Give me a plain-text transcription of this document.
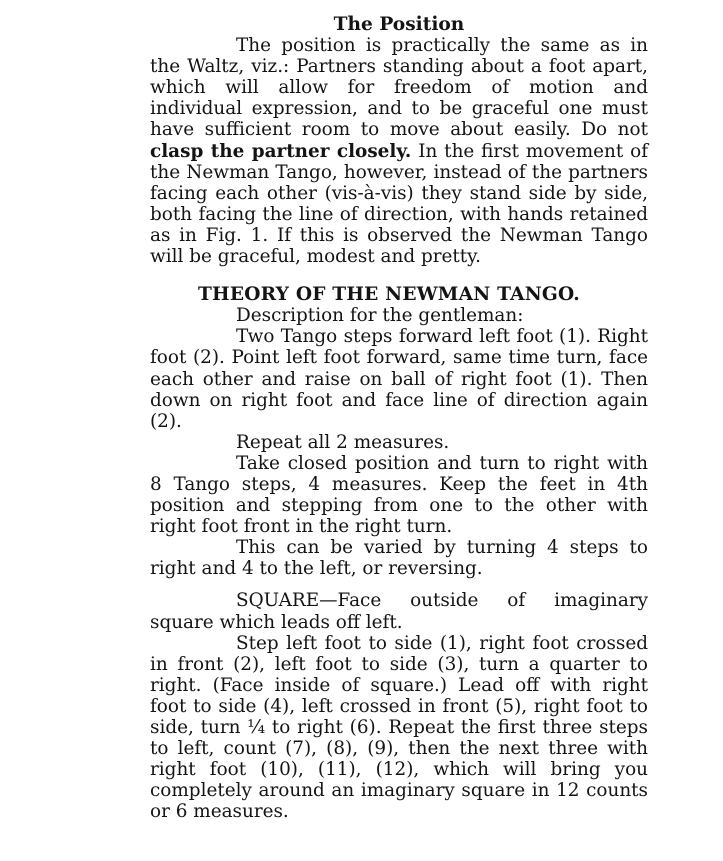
The Position

The position is practically the same as in the Waltz, viz.: Partners standing about a foot apart, which will allow for freedom of motion and individual expression, and to be graceful one must have sufficient room to move about easily. Do not clasp the partner closely. In the first movement of the Newman Tango, however, instead of the partners facing each other (vis-à-vis) they stand side by side, both facing the line of direction, with hands retained as in Fig. 1. If this is observed the Newman Tango will be graceful, modest and pretty.

THEORY OF THE NEWMAN TANGO.

Description for the gentleman:

Two Tango steps forward left foot (1). Right foot (2). Point left foot forward, same time turn, face each other and raise on ball of right foot (1). Then down on right foot and face line of direction again (2).

Repeat all 2 measures.

Take closed position and turn to right with 8 Tango steps, 4 measures. Keep the feet in 4th position and stepping from one to the other with right foot front in the right turn.

This can be varied by turning 4 steps to right and 4 to the left, or reversing.

SQUARE—Face outside of imaginary square which leads off left.

Step left foot to side (1), right foot crossed in front (2), left foot to side (3), turn a quarter to right. (Face inside of square.) Lead off with right foot to side (4), left crossed in front (5), right foot to side, turn ¼ to right (6). Repeat the first three steps to left, count (7), (8), (9), then the next three with right foot (10), (11), (12), which will bring you completely around an imaginary square in 12 counts or 6 measures.
